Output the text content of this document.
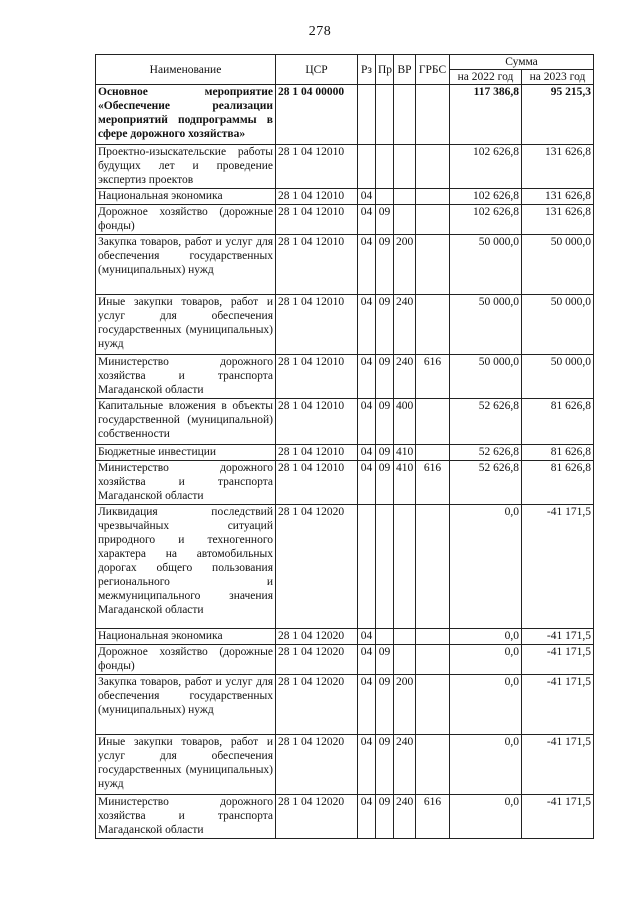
278
Наименование	ЦСР	Рз	Пр	ВР	ГРБС	Сумма	
						на 2022 год	на 2023 год
Основное мероприятие «Обеспечение реализации мероприятий подпрограммы в сфере дорожного хозяйства»	28 1 04 00000					117 386,8	95 215,3
Проектно-изыскательские работы будущих лет и проведение экспертиз проектов	28 1 04 12010					102 626,8	131 626,8
Национальная экономика	28 1 04 12010	04				102 626,8	131 626,8
Дорожное хозяйство (дорожные фонды)	28 1 04 12010	04	09			102 626,8	131 626,8
Закупка товаров, работ и услуг для обеспечения государственных (муниципальных) нужд	28 1 04 12010	04	09	200		50 000,0	50 000,0
Иные закупки товаров, работ и услуг для обеспечения государственных (муниципальных) нужд	28 1 04 12010	04	09	240		50 000,0	50 000,0
Министерство дорожного хозяйства и транспорта Магаданской области	28 1 04 12010	04	09	240	616	50 000,0	50 000,0
Капитальные вложения в объекты государственной (муниципальной) собственности	28 1 04 12010	04	09	400		52 626,8	81 626,8
Бюджетные инвестиции	28 1 04 12010	04	09	410		52 626,8	81 626,8
Министерство дорожного хозяйства и транспорта Магаданской области	28 1 04 12010	04	09	410	616	52 626,8	81 626,8
Ликвидация последствий чрезвычайных ситуаций природного и техногенного характера на автомобильных дорогах общего пользования регионального и межмуниципального значения Магаданской области	28 1 04 12020					0,0	-41 171,5
Национальная экономика	28 1 04 12020	04				0,0	-41 171,5
Дорожное хозяйство (дорожные фонды)	28 1 04 12020	04	09			0,0	-41 171,5
Закупка товаров, работ и услуг для обеспечения государственных (муниципальных) нужд	28 1 04 12020	04	09	200		0,0	-41 171,5
Иные закупки товаров, работ и услуг для обеспечения государственных (муниципальных) нужд	28 1 04 12020	04	09	240		0,0	-41 171,5
Министерство дорожного хозяйства и транспорта Магаданской области	28 1 04 12020	04	09	240	616	0,0	-41 171,5
